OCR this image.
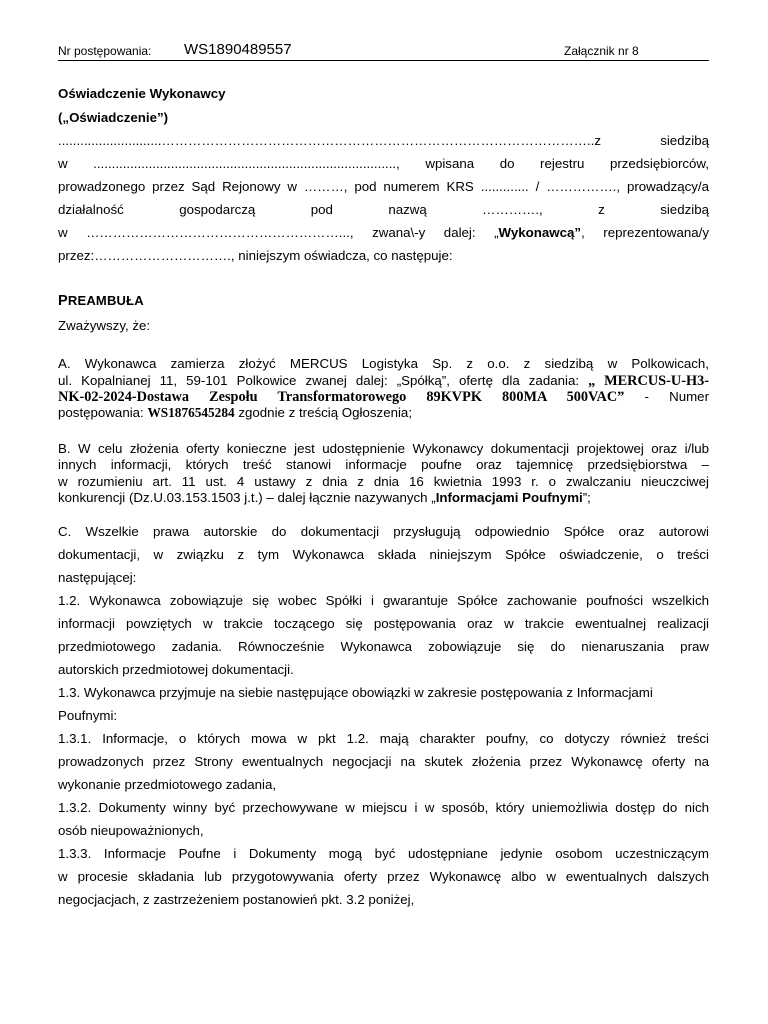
Nr postępowania: WS1890489557	Załącznik nr 8
Oświadczenie Wykonawcy
(„Oświadczenie”)
............................……………………………………………………………………………………..z siedzibą
w .................................................................................., wpisana do rejestru przedsiębiorców,
prowadzonego przez Sąd Rejonowy w ………, pod numerem KRS ............. / ……………., prowadzący/a
działalność gospodarczą pod nazwą …………., z siedzibą
w …………………………………………………..., zwana\-y dalej: „Wykonawcą”, reprezentowana/y
przez:…………………………., niniejszym oświadcza, co następuje:
PREAMBUŁA
Zważywszy, że:
A. Wykonawca zamierza złożyć MERCUS Logistyka Sp. z o.o. z siedzibą w Polkowicach,
ul. Kopalnianej 11, 59-101 Polkowice zwanej dalej: „Spółką”, ofertę dla zadania: „ MERCUS-U-H3-
NK-02-2024-Dostawa Zespołu Transformatorowego 89KVPK 800MA 500VAC” - Numer
postępowania: WS1876545284 zgodnie z treścią Ogłoszenia;
B. W celu złożenia oferty konieczne jest udostępnienie Wykonawcy dokumentacji projektowej oraz i/lub
innych informacji, których treść stanowi informacje poufne oraz tajemnicę przedsiębiorstwa –
w rozumieniu art. 11 ust. 4 ustawy z dnia z dnia 16 kwietnia 1993 r. o zwalczaniu nieuczciwej
konkurencji (Dz.U.03.153.1503 j.t.) – dalej łącznie nazywanych „Informacjami Poufnymi”;
C. Wszelkie prawa autorskie do dokumentacji przysługują odpowiednio Spółce oraz autorowi
dokumentacji, w związku z tym Wykonawca składa niniejszym Spółce oświadczenie, o treści
następującej:
1.2. Wykonawca zobowiązuje się wobec Spółki i gwarantuje Spółce zachowanie poufności wszelkich
informacji powziętych w trakcie toczącego się postępowania oraz w trakcie ewentualnej realizacji
przedmiotowego zadania. Równocześnie Wykonawca zobowiązuje się do nienaruszania praw
autorskich przedmiotowej dokumentacji.
1.3. Wykonawca przyjmuje na siebie następujące obowiązki w zakresie postępowania z Informacjami
Poufnymi:
1.3.1. Informacje, o których mowa w pkt 1.2. mają charakter poufny, co dotyczy również treści
prowadzonych przez Strony ewentualnych negocjacji na skutek złożenia przez Wykonawcę oferty na
wykonanie przedmiotowego zadania,
1.3.2. Dokumenty winny być przechowywane w miejscu i w sposób, który uniemożliwia dostęp do nich
osób nieupoważnionych,
1.3.3. Informacje Poufne i Dokumenty mogą być udostępniane jedynie osobom uczestniczącym
w procesie składania lub przygotowywania oferty przez Wykonawcę albo w ewentualnych dalszych
negocjacjach, z zastrzeżeniem postanowień pkt. 3.2 poniżej,
